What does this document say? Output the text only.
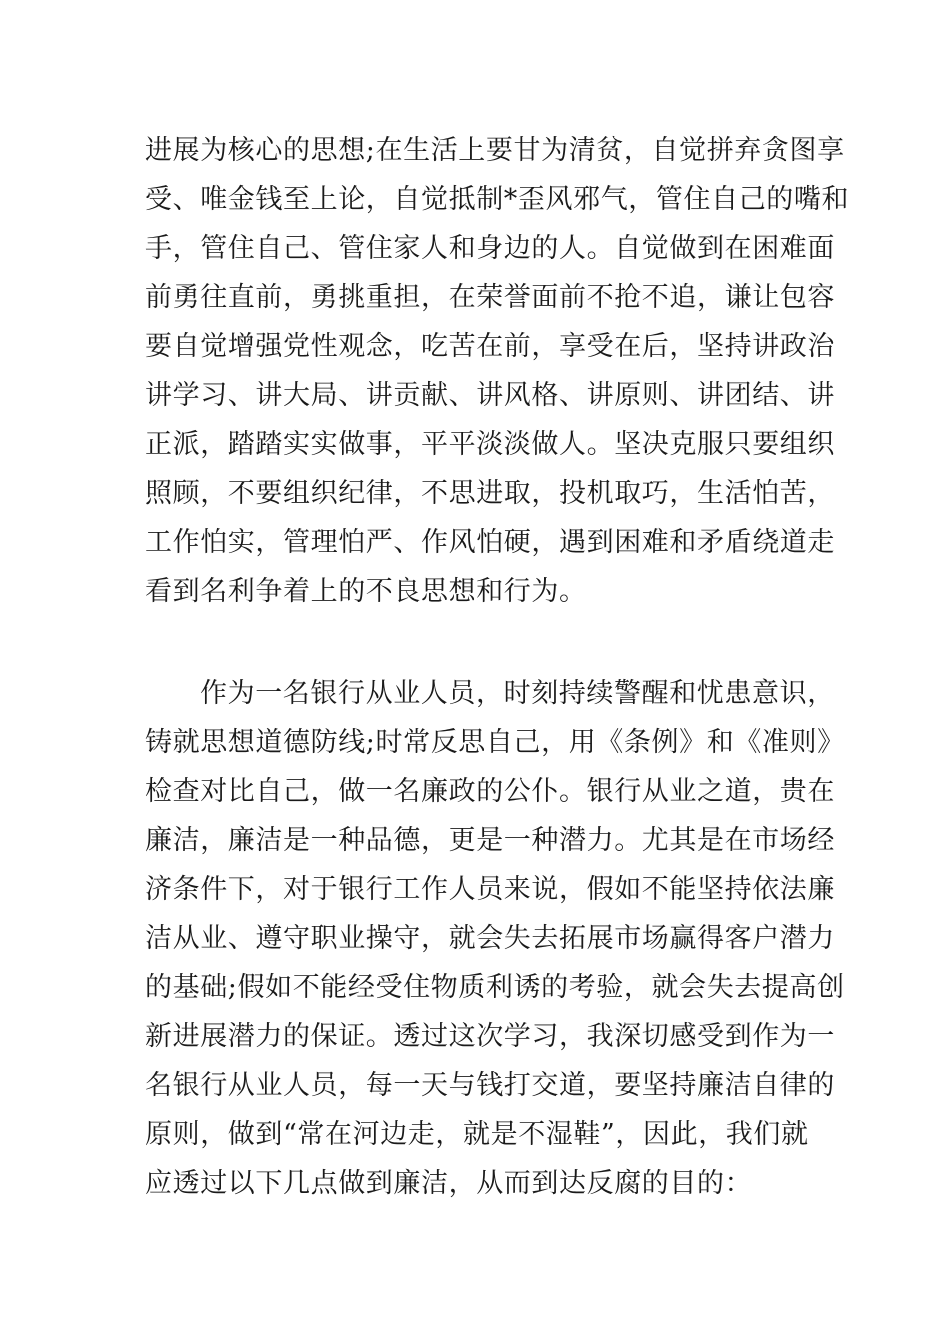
进展为核心的思想;在生活上要甘为清贫，自觉拼弃贪图享
受、唯金钱至上论，自觉抵制*歪风邪气，管住自己的嘴和
手，管住自己、管住家人和身边的人。自觉做到在困难面
前勇往直前，勇挑重担，在荣誉面前不抢不追，谦让包容
要自觉增强党性观念，吃苦在前，享受在后，坚持讲政治
讲学习、讲大局、讲贡献、讲风格、讲原则、讲团结、讲
正派，踏踏实实做事，平平淡淡做人。坚决克服只要组织
照顾，不要组织纪律，不思进取，投机取巧，生活怕苦，
工作怕实，管理怕严、作风怕硬，遇到困难和矛盾绕道走
看到名利争着上的不良思想和行为。
作为一名银行从业人员，时刻持续警醒和忧患意识，
铸就思想道德防线;时常反思自己，用《条例》和《准则》
检查对比自己，做一名廉政的公仆。银行从业之道，贵在
廉洁，廉洁是一种品德，更是一种潜力。尤其是在市场经
济条件下，对于银行工作人员来说，假如不能坚持依法廉
洁从业、遵守职业操守，就会失去拓展市场赢得客户潜力
的基础;假如不能经受住物质利诱的考验，就会失去提高创
新进展潜力的保证。透过这次学习，我深切感受到作为一
名银行从业人员，每一天与钱打交道，要坚持廉洁自律的
原则，做到“常在河边走，就是不湿鞋”，因此，我们就
应透过以下几点做到廉洁，从而到达反腐的目的：
